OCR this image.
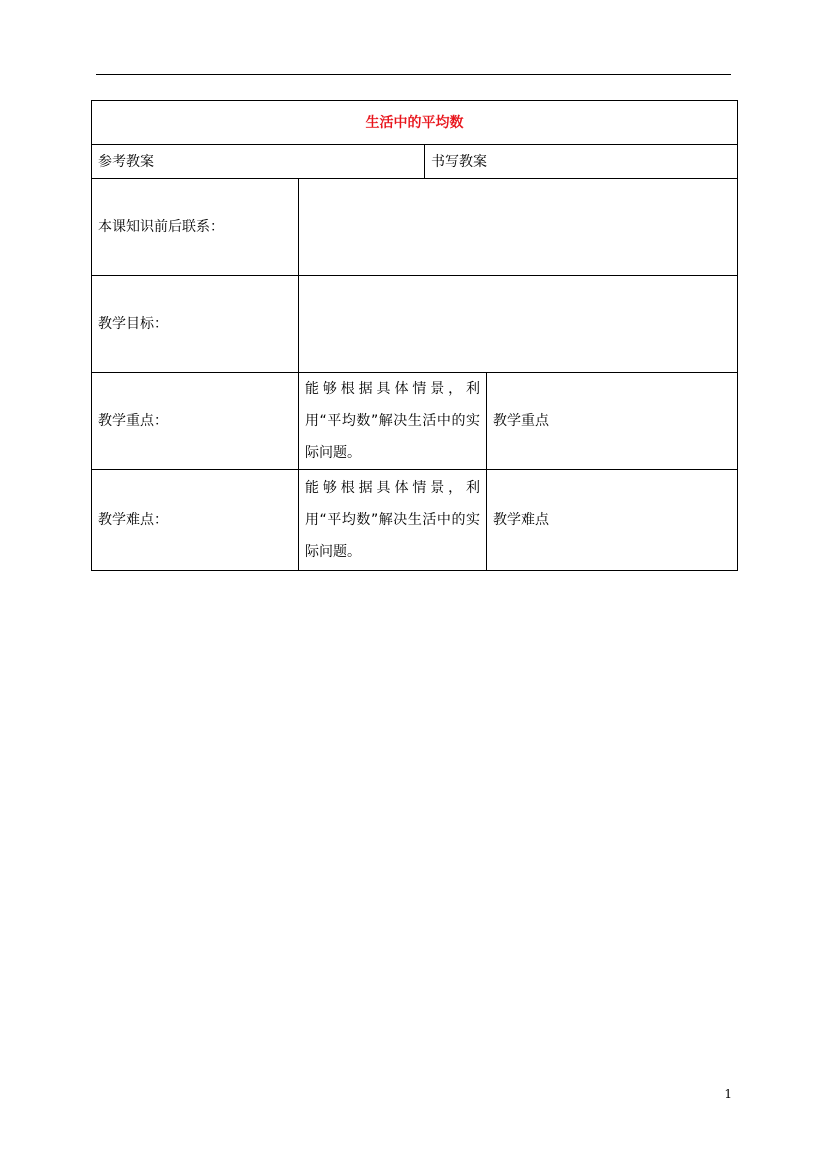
生活中的平均数			
参考教案		书写教案	
本课知识前后联系：			
教学目标：			
教学重点：	能够根据具体情景，利用“平均数”解决生活中的实际问题。		教学重点
教学难点：	能够根据具体情景，利用“平均数”解决生活中的实际问题。		教学难点
1
